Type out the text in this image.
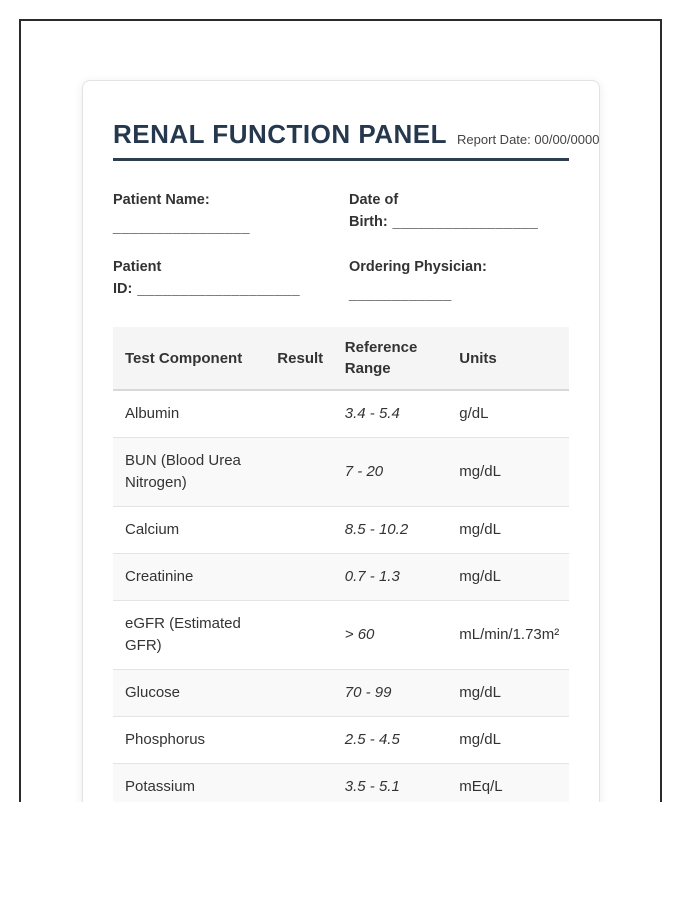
RENAL FUNCTION PANEL Report Date: 00/00/0000
Patient Name:
________________
Date of Birth: _________________
Patient ID: ___________________
Ordering Physician:
____________
Test Component	Result	Reference Range	Units
Albumin		3.4 - 5.4	g/dL
BUN (Blood Urea Nitrogen)		7 - 20	mg/dL
Calcium		8.5 - 10.2	mg/dL
Creatinine		0.7 - 1.3	mg/dL
eGFR (Estimated GFR)		> 60	mL/min/1.73m²
Glucose		70 - 99	mg/dL
Phosphorus		2.5 - 4.5	mg/dL
Potassium		3.5 - 5.1	mEq/L
